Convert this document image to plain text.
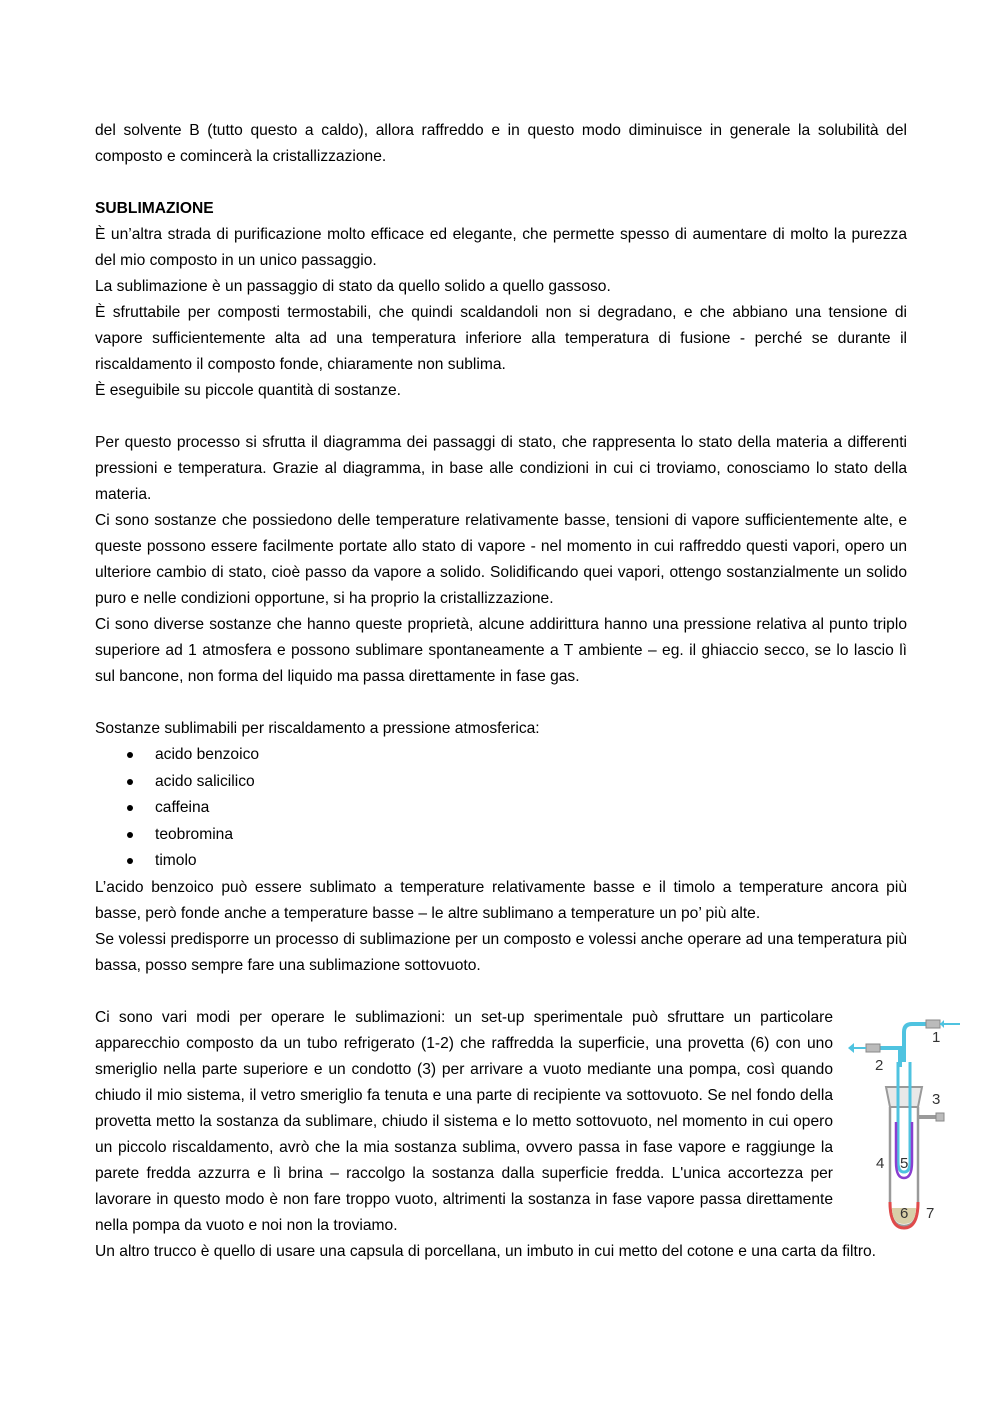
del solvente B (tutto questo a caldo), allora raffreddo e in questo modo diminuisce in generale la solubilità del composto e comincerà la cristallizzazione.

SUBLIMAZIONE

È un’altra strada di purificazione molto efficace ed elegante, che permette spesso di aumentare di molto la purezza del mio composto in un unico passaggio.

La sublimazione è un passaggio di stato da quello solido a quello gassoso.

È sfruttabile per composti termostabili, che quindi scaldandoli non si degradano, e che abbiano una tensione di vapore sufficientemente alta ad una temperatura inferiore alla temperatura di fusione - perché se durante il riscaldamento il composto fonde, chiaramente non sublima.

È eseguibile su piccole quantità di sostanze.

Per questo processo si sfrutta il diagramma dei passaggi di stato, che rappresenta lo stato della materia a differenti pressioni e temperatura. Grazie al diagramma, in base alle condizioni in cui ci troviamo, conosciamo lo stato della materia.

Ci sono sostanze che possiedono delle temperature relativamente basse, tensioni di vapore sufficientemente alte, e queste possono essere facilmente portate allo stato di vapore - nel momento in cui raffreddo questi vapori, opero un ulteriore cambio di stato, cioè passo da vapore a solido. Solidificando quei vapori, ottengo sostanzialmente un solido puro e nelle condizioni opportune, si ha proprio la cristallizzazione.

Ci sono diverse sostanze che hanno queste proprietà, alcune addirittura hanno una pressione relativa al punto triplo superiore ad 1 atmosfera e possono sublimare spontaneamente a T ambiente – eg. il ghiaccio secco, se lo lascio lì sul bancone, non forma del liquido ma passa direttamente in fase gas.

Sostanze sublimabili per riscaldamento a pressione atmosferica:

acido benzoico
acido salicilico
caffeina
teobromina
timolo

L’acido benzoico può essere sublimato a temperature relativamente basse e il timolo a temperature ancora più basse, però fonde anche a temperature basse – le altre sublimano a temperature un po’ più alte.

Se volessi predisporre un processo di sublimazione per un composto e volessi anche operare ad una temperatura più bassa, posso sempre fare una sublimazione sottovuoto.

Ci sono vari modi per operare le sublimazioni: un set-up sperimentale può sfruttare un particolare apparecchio composto da un tubo refrigerato (1-2) che raffredda la superficie, una provetta (6) con uno smeriglio nella parte superiore e un condotto (3) per arrivare a vuoto mediante una pompa, così quando chiudo il mio sistema, il vetro smeriglio fa tenuta e una parte di recipiente va sottovuoto. Se nel fondo della provetta metto la sostanza da sublimare, chiudo il sistema e lo metto sottovuoto, nel momento in cui opero un piccolo riscaldamento, avrò che la mia sostanza sublima, ovvero passa in fase vapore e raggiunge la parete fredda azzurra e lì brina – raccolgo la sostanza dalla superficie fredda. L'unica accortezza per lavorare in questo modo è non fare troppo vuoto, altrimenti la sostanza in fase vapore passa direttamente nella pompa da vuoto e noi non la troviamo.

Un altro trucco è quello di usare una capsula di porcellana, un imbuto in cui metto del cotone e una carta da filtro.

1
2
3
4 5
6 7
